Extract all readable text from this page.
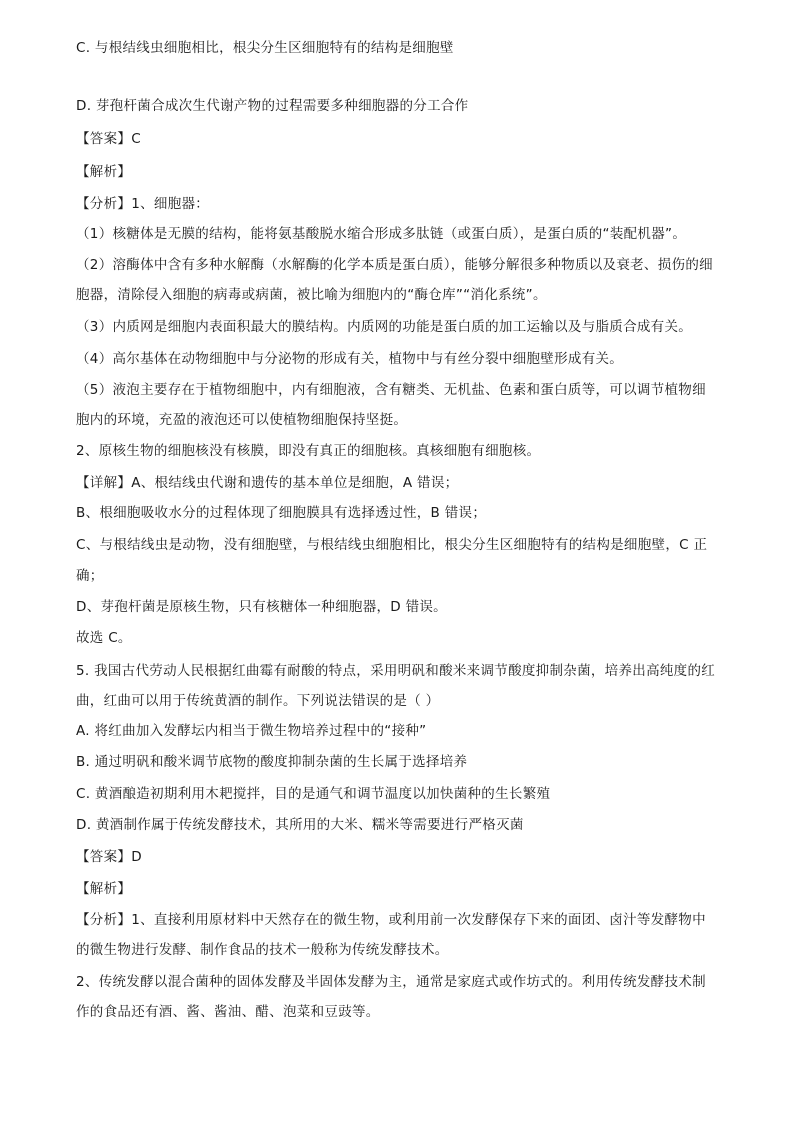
C. 与根结线虫细胞相比，根尖分生区细胞特有的结构是细胞壁
D. 芽孢杆菌合成次生代谢产物的过程需要多种细胞器的分工合作
【答案】C
【解析】
【分析】1、细胞器：
（1）核糖体是无膜的结构，能将氨基酸脱水缩合形成多肽链（或蛋白质），是蛋白质的“装配机器”。
（2）溶酶体中含有多种水解酶（水解酶的化学本质是蛋白质），能够分解很多种物质以及衰老、损伤的细
胞器，清除侵入细胞的病毒或病菌，被比喻为细胞内的“酶仓库”“消化系统”。
（3）内质网是细胞内表面积最大的膜结构。内质网的功能是蛋白质的加工运输以及与脂质合成有关。
（4）高尔基体在动物细胞中与分泌物的形成有关，植物中与有丝分裂中细胞壁形成有关。
（5）液泡主要存在于植物细胞中，内有细胞液，含有糖类、无机盐、色素和蛋白质等，可以调节植物细
胞内的环境，充盈的液泡还可以使植物细胞保持坚挺。
2、原核生物的细胞核没有核膜，即没有真正的细胞核。真核细胞有细胞核。
【详解】A、根结线虫代谢和遗传的基本单位是细胞，A 错误；
B、根细胞吸收水分的过程体现了细胞膜具有选择透过性，B 错误；
C、与根结线虫是动物，没有细胞壁，与根结线虫细胞相比，根尖分生区细胞特有的结构是细胞壁，C 正
确；
D、芽孢杆菌是原核生物，只有核糖体一种细胞器，D 错误。
故选 C。
5. 我国古代劳动人民根据红曲霉有耐酸的特点，采用明矾和酸米来调节酸度抑制杂菌，培养出高纯度的红
曲，红曲可以用于传统黄酒的制作。下列说法错误的是（ ）
A. 将红曲加入发酵坛内相当于微生物培养过程中的“接种”
B. 通过明矾和酸米调节底物的酸度抑制杂菌的生长属于选择培养
C. 黄酒酿造初期利用木耙搅拌，目的是通气和调节温度以加快菌种的生长繁殖
D. 黄酒制作属于传统发酵技术，其所用的大米、糯米等需要进行严格灭菌
【答案】D
【解析】
【分析】1、直接利用原材料中天然存在的微生物，或利用前一次发酵保存下来的面团、卤汁等发酵物中
的微生物进行发酵、制作食品的技术一般称为传统发酵技术。
2、传统发酵以混合菌种的固体发酵及半固体发酵为主，通常是家庭式或作坊式的。利用传统发酵技术制
作的食品还有酒、酱、酱油、醋、泡菜和豆豉等。
